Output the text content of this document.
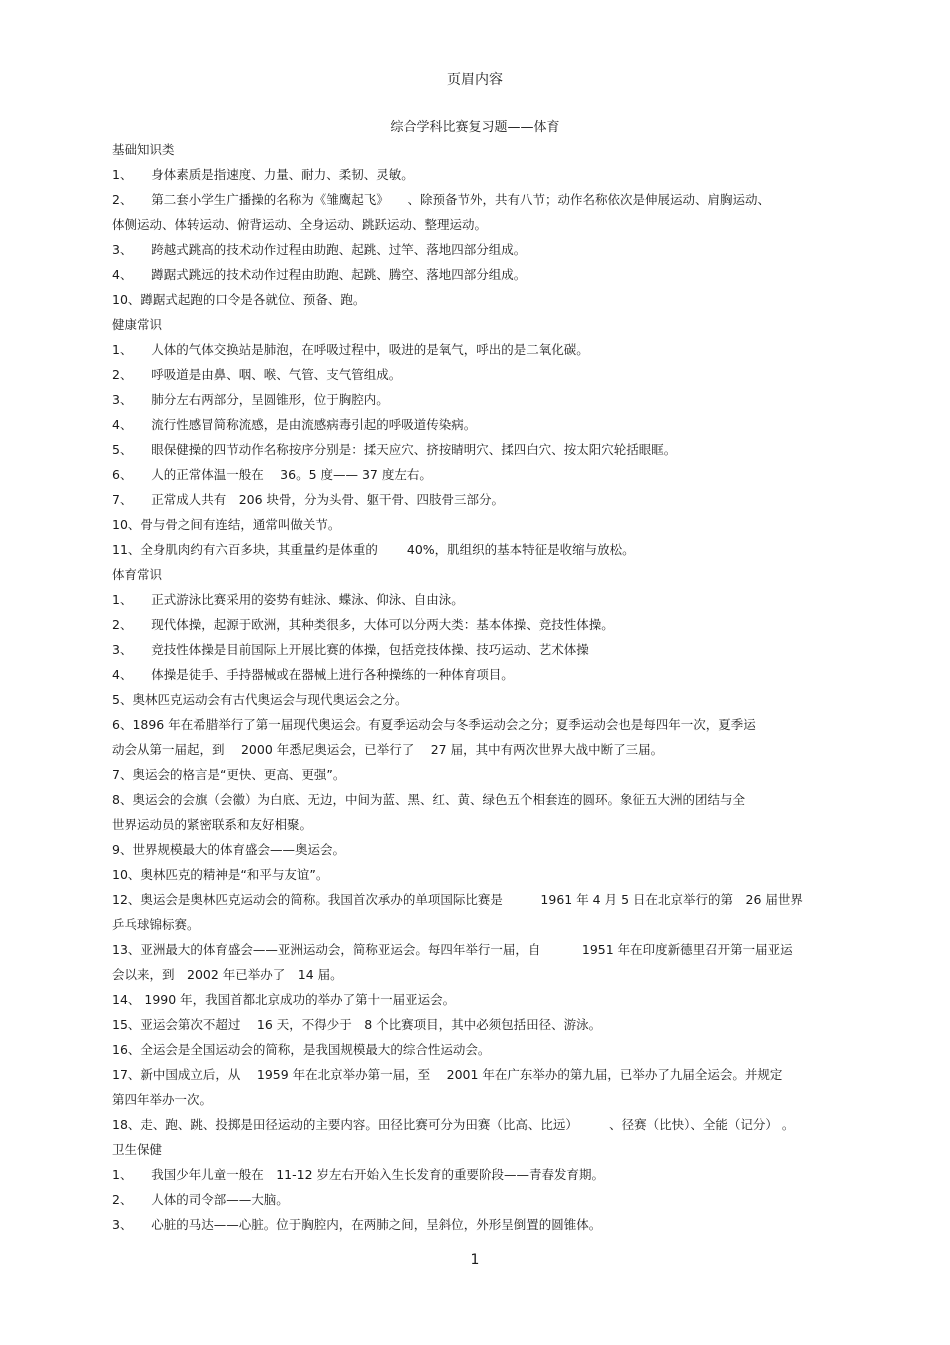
页眉内容
综合学科比赛复习题——体育
基础知识类
1、　　身体素质是指速度、力量、耐力、柔韧、灵敏。
2、　　第二套小学生广播操的名称为《雏鹰起飞》　　、除预备节外，共有八节；动作名称依次是伸展运动、肩胸运动、
体侧运动、体转运动、俯背运动、全身运动、跳跃运动、整理运动。
3、　　跨越式跳高的技术动作过程由助跑、起跳、过竿、落地四部分组成。
4、　　蹲踞式跳远的技术动作过程由助跑、起跳、腾空、落地四部分组成。
10、蹲踞式起跑的口令是各就位、预备、跑。
健康常识
1、　　人体的气体交换站是肺泡，在呼吸过程中，吸进的是氧气，呼出的是二氧化碳。
2、　　呼吸道是由鼻、咽、喉、气管、支气管组成。
3、　　肺分左右两部分，呈圆锥形，位于胸腔内。
4、　　流行性感冒简称流感，是由流感病毒引起的呼吸道传染病。
5、　　眼保健操的四节动作名称按序分别是：揉天应穴、挤按睛明穴、揉四白穴、按太阳穴轮括眼眶。
6、　　人的正常体温一般在　 36。5 度—— 37 度左右。
7、　　正常成人共有　206 块骨，分为头骨、躯干骨、四肢骨三部分。
10、骨与骨之间有连结，通常叫做关节。
11、全身肌肉约有六百多块，其重量约是体重的　　 40%，肌组织的基本特征是收缩与放松。
体育常识
1、　　正式游泳比赛采用的姿势有蛙泳、蝶泳、仰泳、自由泳。
2、　　现代体操，起源于欧洲，其种类很多，大体可以分两大类：基本体操、竞技性体操。
3、　　竞技性体操是目前国际上开展比赛的体操，包括竞技体操、技巧运动、艺术体操
4、　　体操是徒手、手持器械或在器械上进行各种操练的一种体育项目。
5、奥林匹克运动会有古代奥运会与现代奥运会之分。
6、1896 年在希腊举行了第一届现代奥运会。有夏季运动会与冬季运动会之分；夏季运动会也是每四年一次，夏季运
动会从第一届起，到　 2000 年悉尼奥运会，已举行了　 27 届，其中有两次世界大战中断了三届。
7、奥运会的格言是“更快、更高、更强”。
8、奥运会的会旗（会徽）为白底、无边，中间为蓝、黑、红、黄、绿色五个相套连的圆环。象征五大洲的团结与全
世界运动员的紧密联系和友好相聚。
9、世界规模最大的体育盛会——奥运会。
10、奥林匹克的精神是“和平与友谊”。
12、奥运会是奥林匹克运动会的简称。我国首次承办的单项国际比赛是　　　1961 年 4 月 5 日在北京举行的第　26 届世界
乒乓球锦标赛。
13、亚洲最大的体育盛会——亚洲运动会，简称亚运会。每四年举行一届，自　　　 1951 年在印度新德里召开第一届亚运
会以来，到　2002 年已举办了　14 届。
14、 1990 年，我国首都北京成功的举办了第十一届亚运会。
15、亚运会第次不超过　 16 天，不得少于　8 个比赛项目，其中必须包括田径、游泳。
16、全运会是全国运动会的简称，是我国规模最大的综合性运动会。
17、新中国成立后，从　 1959 年在北京举办第一届，至　 2001 年在广东举办的第九届，已举办了九届全运会。并规定
第四年举办一次。
18、走、跑、跳、投掷是田径运动的主要内容。田径比赛可分为田赛（比高、比远）　　　、径赛（比快）、全能（记分） 。
卫生保健
1、　　我国少年儿童一般在　11-12 岁左右开始入生长发育的重要阶段——青春发育期。
2、　　人体的司令部——大脑。
3、　　心脏的马达——心脏。位于胸腔内，在两肺之间，呈斜位，外形呈倒置的圆锥体。
1
